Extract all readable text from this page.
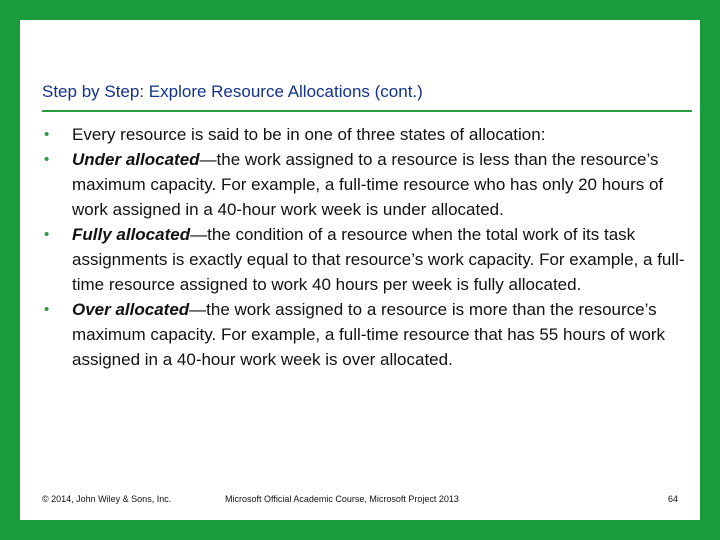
Step by Step: Explore Resource Allocations (cont.)
• Every resource is said to be in one of three states of allocation:
• Under allocated—the work assigned to a resource is less than the resource’s maximum capacity. For example, a full-time resource who has only 20 hours of work assigned in a 40-hour work week is under allocated.
• Fully allocated—the condition of a resource when the total work of its task assignments is exactly equal to that resource’s work capacity. For example, a full-time resource assigned to work 40 hours per week is fully allocated.
• Over allocated—the work assigned to a resource is more than the resource’s maximum capacity. For example, a full-time resource that has 55 hours of work assigned in a 40-hour work week is over allocated.
© 2014, John Wiley & Sons, Inc.	Microsoft Official Academic Course, Microsoft Project 2013	64
